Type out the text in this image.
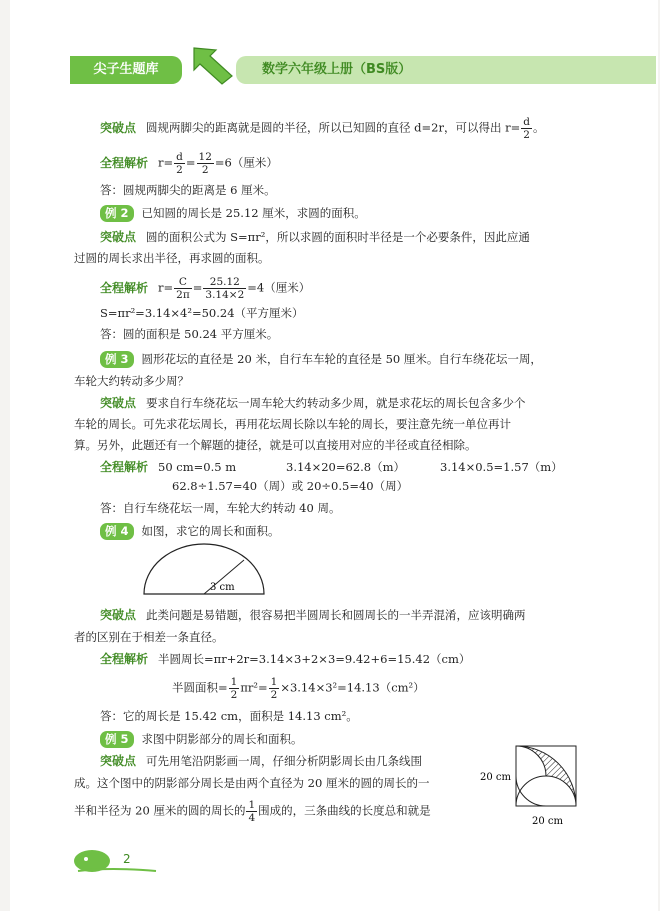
尖子生题库	数学六年级上册（BS版）
突破点 圆规两脚尖的距离就是圆的半径，所以已知圆的直径 d=2r，可以得出 $r= \frac{d}{2}$ 。
全程解析 $r= \frac{d}{2} = \frac{12}{2} =6$（厘米）
答：圆规两脚尖的距离是 6 厘米。
例 2 已知圆的周长是 25.12 厘米，求圆的面积。
突破点 圆的面积公式为 S=πr²，所以求圆的面积时半径是一个必要条件，因此应通
过圆的周长求出半径，再求圆的面积。
全程解析 $r= \frac{C}{2\pi} = \frac{25.12}{3.14\times 2} =4$（厘米）
S=πr²=3.14×4²=50.24（平方厘米）
答：圆的面积是 50.24 平方厘米。
例 3 圆形花坛的直径是 20 米，自行车车轮的直径是 50 厘米。自行车绕花坛一周，
车轮大约转动多少周？
突破点 要求自行车绕花坛一周车轮大约转动多少周，就是求花坛的周长包含多少个
车轮的周长。可先求花坛周长，再用花坛周长除以车轮的周长，要注意先统一单位再计
算。另外，此题还有一个解题的捷径，就是可以直接用对应的半径或直径相除。
全程解析 50 cm=0.5 m	3.14×20=62.8（m）	3.14×0.5=1.57（m）
62.8÷1.57=40（周）或 20÷0.5=40（周）
答：自行车绕花坛一周，车轮大约转动 40 周。
例 4 如图，求它的周长和面积。
3 cm
突破点 此类问题是易错题，很容易把半圆周长和圆周长的一半弄混淆，应该明确两
者的区别在于相差一条直径。
全程解析 半圆周长=πr+2r=3.14×3+2×3=9.42+6=15.42（cm）
半圆面积= $\frac{1}{2} \pi r^2= \frac{1}{2} \times 3.14\times 3^2=14.13(cm^2)$
答：它的周长是 15.42 cm，面积是 14.13 cm²。
例 5 求图中阴影部分的周长和面积。
突破点 可先用笔沿阴影画一周，仔细分析阴影周长由几条线围
成。这个图中的阴影部分周长是由两个直径为 20 厘米的圆的周长的一
半和半径为 20 厘米的圆的周长的 $\frac{1}{4}$ 围成的，三条曲线的长度总和就是
20 cm
20 cm
2
